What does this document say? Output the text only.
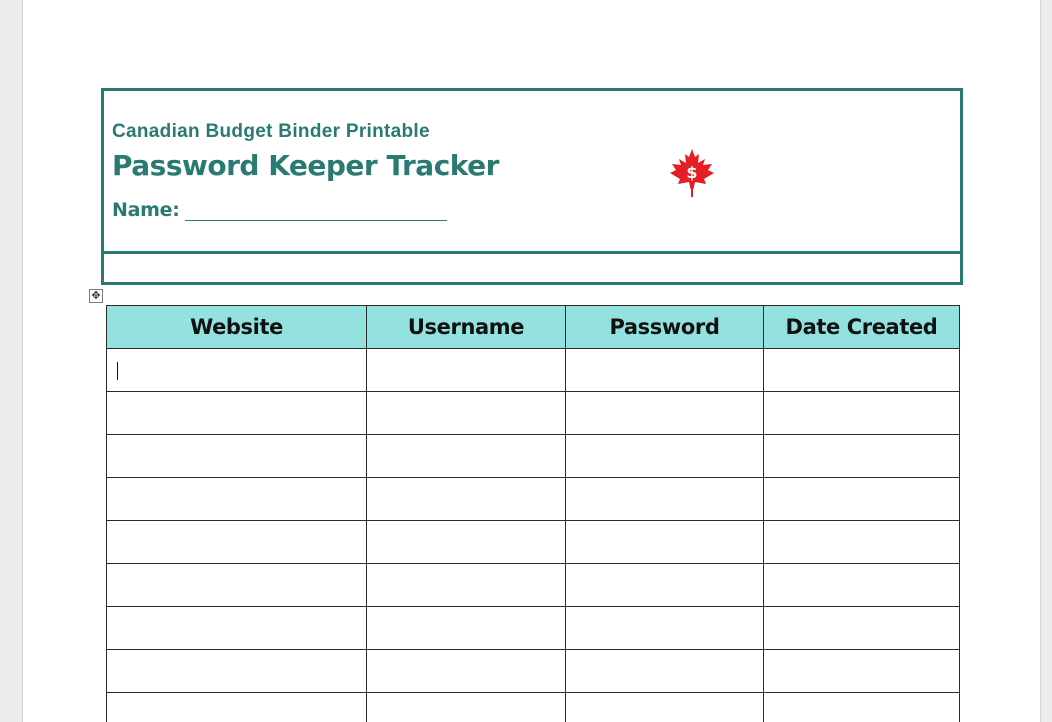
Canadian Budget Binder Printable
Password Keeper Tracker
Name:
$
✥
Website	Username	Password	Date Created
